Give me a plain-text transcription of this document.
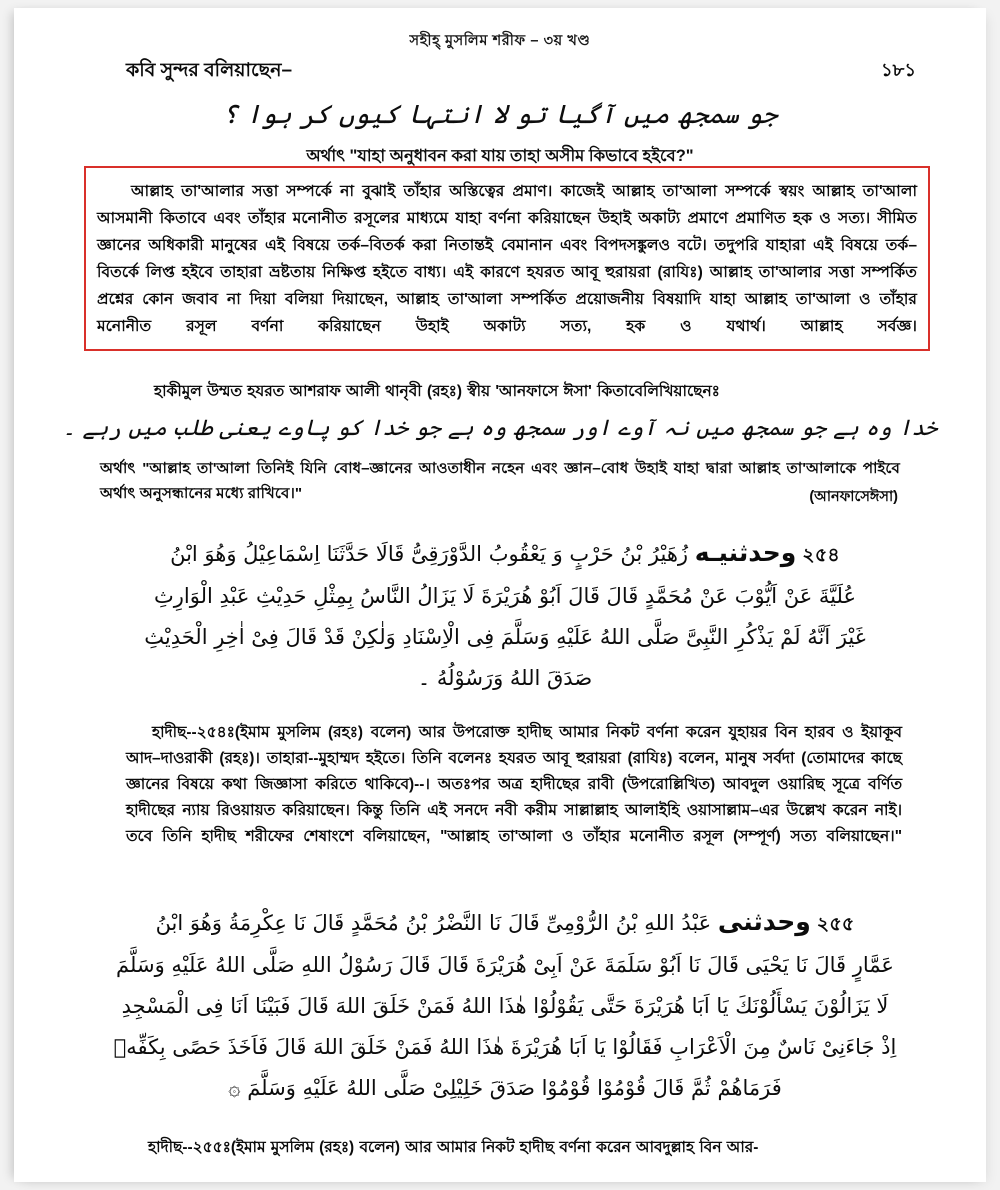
সহীহ্ মুসলিম শরীফ – ৩য় খণ্ড
কবি সুন্দর বলিয়াছেন–	১৮১
جو سمجھ میں آگیا تو لا انتہا کیوں کر ہوا ؟
অর্থাৎ "যাহা অনুধাবন করা যায় তাহা অসীম কিভাবে হইবে?"

আল্লাহ তা'আলার সত্তা সম্পর্কে না বুঝাই তাঁহার অস্তিত্বের প্রমাণ। কাজেই আল্লাহ তা'আলা সম্পর্কে স্বয়ং আল্লাহ তা'আলা আসমানী কিতাবে এবং তাঁহার মনোনীত রসূলের মাধ্যমে যাহা বর্ণনা করিয়াছেন উহাই অকাট্য প্রমাণে প্রমাণিত হক ও সত্য। সীমিত জ্ঞানের অধিকারী মানুষের এই বিষয়ে তর্ক–বিতর্ক করা নিতান্তই বেমানান এবং বিপদসঙ্কুলও বটে। তদুপরি যাহারা এই বিষয়ে তর্ক–বিতর্কে লিপ্ত হইবে তাহারা ভ্রষ্টতায় নিক্ষিপ্ত হইতে বাধ্য। এই কারণে হযরত আবূ হুরায়রা (রাযিঃ) আল্লাহ তা'আলার সত্তা সম্পর্কিত প্রশ্নের কোন জবাব না দিয়া বলিয়া দিয়াছেন, আল্লাহ তা'আলা সম্পর্কিত প্রয়োজনীয় বিষয়াদি যাহা আল্লাহ তা'আলা ও তাঁহার মনোনীত রসূল বর্ণনা করিয়াছেন উহাই অকাট্য সত্য, হক ও যথার্থ। আল্লাহ সর্বজ্ঞ।

হাকীমুল উম্মত হযরত আশরাফ আলী থানৃবী (রহঃ) স্বীয় 'আনফাসে ঈসা' কিতাবেলিখিয়াছেনঃ

خدا وہ ہے جو سمجھ میں نہ آوے اور سمجھ وہ ہے جو خدا کو پاوے یعنی طلب میں رہے ۔
অর্থাৎ "আল্লাহ তা'আলা তিনিই যিনি বোধ–জ্ঞানের আওতাধীন নহেন এবং জ্ঞান–বোধ উহাই যাহা দ্বারা আল্লাহ তা'আলাকে পাইবে অর্থাৎ অনুসন্ধানের মধ্যে রাখিবে।"	(আনফাসেঈসা)
২৫৪وحدثنيـه زُهَيْرُ بْنُ حَرْبٍ وَ يَعْقُوبُ الدَّوْرَقِىُّ قَالَا حَدَّثَنَا اِسْمَاعِيْلُ وَهُوَ ابْنُ
عُلَيَّةَ عَنْ اَيُّوْبَ عَنْ مُحَمَّدٍ قَالَ قَالَ اَبُوْ هُرَيْرَةَ لَا يَزَالُ النَّاسُ بِمِثْلِ حَدِيْثِ عَبْدِ الْوَارِثِ
غَيْرَ اَنَّهُ لَمْ يَذْكُرِ النَّبِىَّ صَلَّى اللهُ عَلَيْهِ وَسَلَّمَ فِى الْاِسْنَادِ وَلٰكِنْ قَدْ قَالَ فِىْ اٰخِرِ الْحَدِيْثِ
صَدَقَ اللهُ وَرَسُوْلُهُ ۔

হাদীছ--২৫৪ঃ(ইমাম মুসলিম (রহঃ) বলেন) আর উপরোক্ত হাদীছ আমার নিকট বর্ণনা করেন যুহায়র বিন হারব ও ইয়াকূব আদ–দাওরাকী (রহঃ)। তাহারা--মুহাম্মদ হইতে। তিনি বলেনঃ হযরত আবূ হুরায়রা (রাযিঃ) বলেন, মানুষ সর্বদা (তোমাদের কাছে জ্ঞানের বিষয়ে কথা জিজ্ঞাসা করিতে থাকিবে)--। অতঃপর অত্র হাদীছের রাবী (উপরোল্লিখিত) আবদুল ওয়ারিছ সূত্রে বর্ণিত হাদীছের ন্যায় রিওয়ায়ত করিয়াছেন। কিন্তু তিনি এই সনদে নবী করীম সাল্লাল্লাহ আলাইহি ওয়াসাল্লাম–এর উল্লেখ করেন নাই। তবে তিনি হাদীছ শরীফের শেষাংশে বলিয়াছেন, "আল্লাহ তা'আলা ও তাঁহার মনোনীত রসূল (সম্পূর্ণ) সত্য বলিয়াছেন।"

২৫৫وحدثنى عَبْدُ اللهِ بْنُ الرُّوْمِىِّ قَالَ نَا النَّضْرُ بْنُ مُحَمَّدٍ قَالَ نَا عِكْرِمَةُ وَهُوَ ابْنُ
عَمَّارٍ قَالَ نَا يَحْيَى قَالَ نَا اَبُوْ سَلَمَةَ عَنْ اَبِىْ هُرَيْرَةَ قَالَ قَالَ رَسُوْلُ اللهِ صَلَّى اللهُ عَلَيْهِ وَسَلَّمَ
لَا يَزَالُوْنَ يَسْأَلُوْنَكَ يَا اَبَا هُرَيْرَةَ حَتَّى يَقُوْلُوْا هٰذَا اللهُ فَمَنْ خَلَقَ اللهَ قَالَ فَبَيْنَا اَنَا فِى الْمَسْجِدِ
اِذْ جَاءَنِىْ نَاسٌ مِنَ الْاَعْرَابِ فَقَالُوْا يَا اَبَا هُرَيْرَةَ هٰذَا اللهُ فَمَنْ خَلَقَ اللهَ قَالَ فَاَخَذَ حَصًى بِكَفِّهٖ
فَرَمَاهُمْ ثُمَّ قَالَ قُوْمُوْا قُوْمُوْا صَدَقَ خَلِيْلِىْ صَلَّى اللهُ عَلَيْهِ وَسَلَّمَ ۞

হাদীছ--২৫৫ঃ(ইমাম মুসলিম (রহঃ) বলেন) আর আমার নিকট হাদীছ বর্ণনা করেন আবদুল্লাহ বিন আর-
